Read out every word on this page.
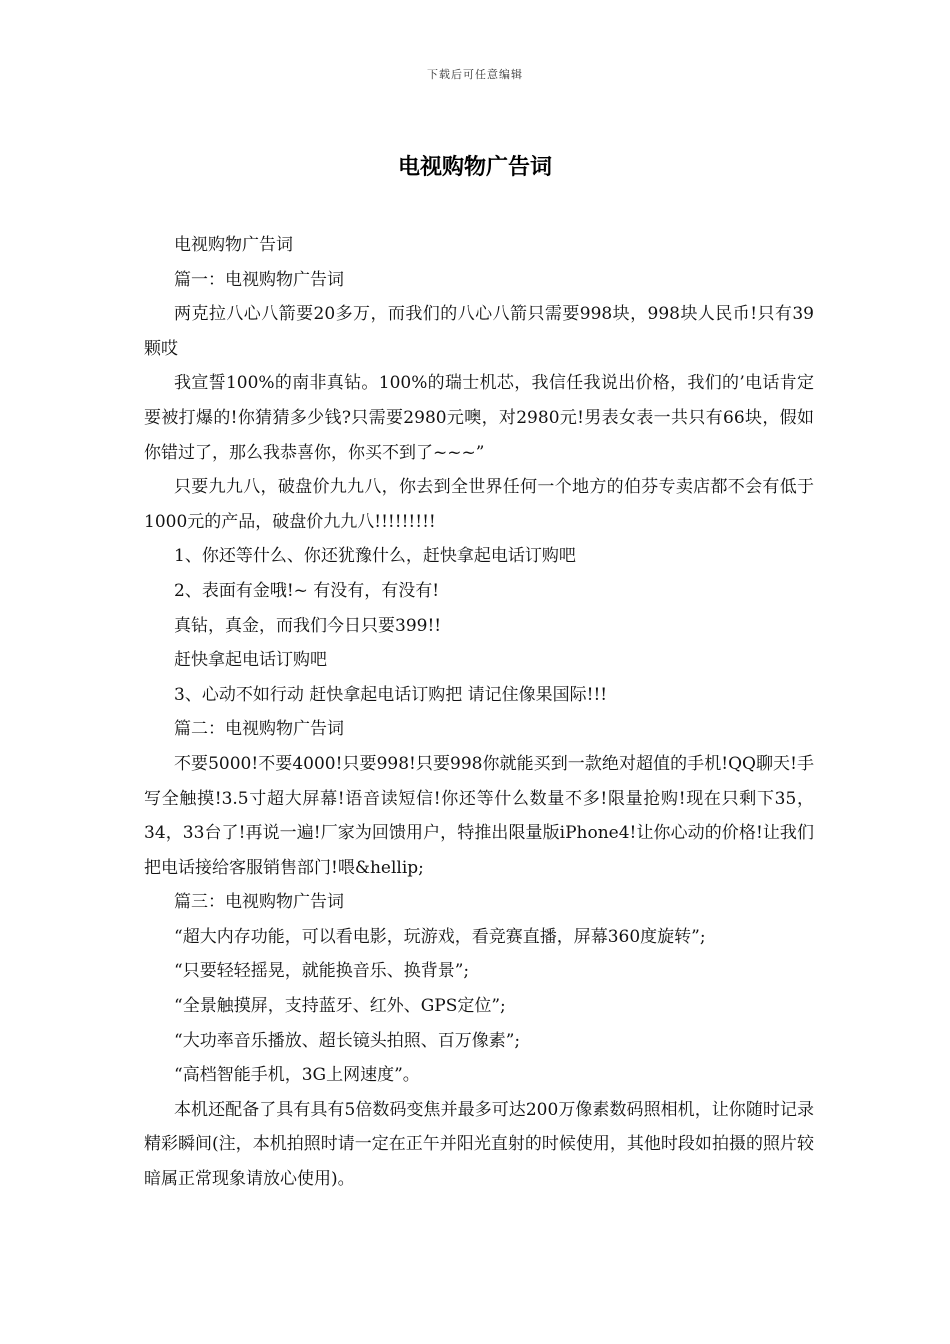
下载后可任意编辑
电视购物广告词

电视购物广告词

篇一：电视购物广告词

两克拉八心八箭要20多万，而我们的八心八箭只需要998块，998块人民币!只有39颗哎

我宣誓100%的南非真钻。100%的瑞士机芯，我信任我说出价格，我们的’电话肯定要被打爆的!你猜猜多少钱?只需要2980元噢，对2980元!男表女表一共只有66块，假如你错过了，那么我恭喜你，你买不到了~~~”

只要九九八，破盘价九九八，你去到全世界任何一个地方的伯芬专卖店都不会有低于1000元的产品，破盘价九九八!!!!!!!!!

1、你还等什么、你还犹豫什么，赶快拿起电话订购吧

2、表面有金哦!~ 有没有，有没有!

真钻，真金，而我们今日只要399!!

赶快拿起电话订购吧

3、心动不如行动 赶快拿起电话订购把 请记住像果国际!!!

篇二：电视购物广告词

不要5000!不要4000!只要998!只要998你就能买到一款绝对超值的手机!QQ聊天!手写全触摸!3.5寸超大屏幕!语音读短信!你还等什么数量不多!限量抢购!现在只剩下35，34，33台了!再说一遍!厂家为回馈用户，特推出限量版iPhone4!让你心动的价格!让我们把电话接给客服销售部门!喂&hellip;

篇三：电视购物广告词

“超大内存功能，可以看电影，玩游戏，看竞赛直播，屏幕360度旋转”;

“只要轻轻摇晃，就能换音乐、换背景”;

“全景触摸屏，支持蓝牙、红外、GPS定位”;

“大功率音乐播放、超长镜头拍照、百万像素”;

“高档智能手机，3G上网速度”。

本机还配备了具有具有5倍数码变焦并最多可达200万像素数码照相机，让你随时记录精彩瞬间(注，本机拍照时请一定在正午并阳光直射的时候使用，其他时段如拍摄的照片较暗属正常现象请放心使用)。
